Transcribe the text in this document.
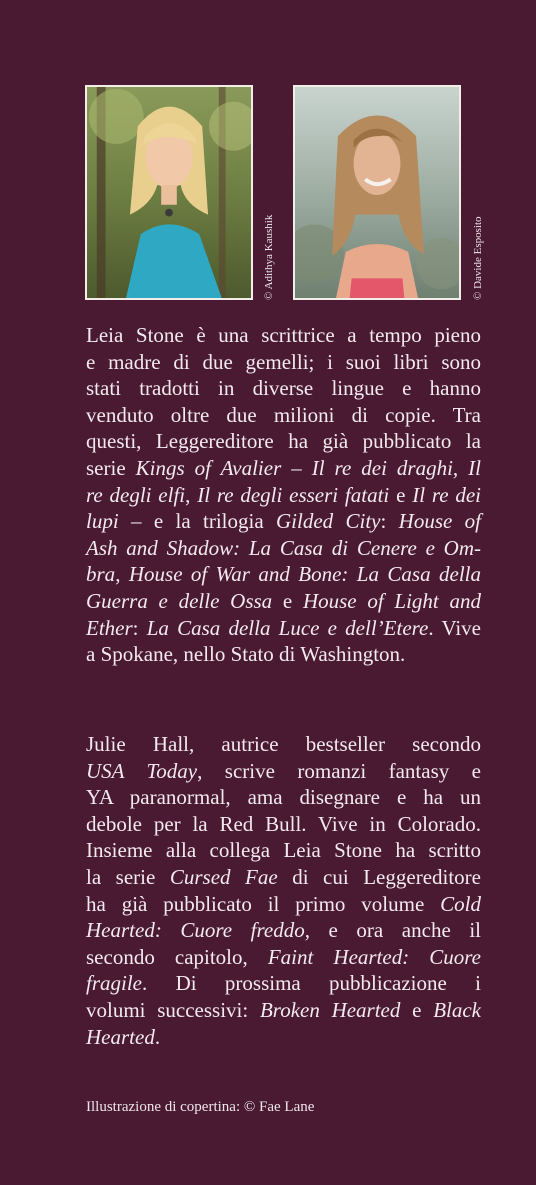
© Adithya Kaushik	© Davide Esposito

Leia Stone è una scrittrice a tempo pieno
e madre di due gemelli; i suoi libri sono
stati tradotti in diverse lingue e hanno
venduto oltre due milioni di copie. Tra
questi, Leggereditore ha già pubblicato la
serie Kings of Avalier – Il re dei draghi, Il
re degli elfi, Il re degli esseri fatati e Il re dei
lupi – e la trilogia Gilded City: House of
Ash and Shadow: La Casa di Cenere e Om-
bra, House of War and Bone: La Casa della
Guerra e delle Ossa e House of Light and
Ether: La Casa della Luce e dell’Etere. Vive
a Spokane, nello Stato di Washington.

Julie Hall, autrice bestseller secondo
USA Today, scrive romanzi fantasy e
YA paranormal, ama disegnare e ha un
debole per la Red Bull. Vive in Colorado.
Insieme alla collega Leia Stone ha scritto
la serie Cursed Fae di cui Leggereditore
ha già pubblicato il primo volume Cold
Hearted: Cuore freddo, e ora anche il
secondo capitolo, Faint Hearted: Cuore
fragile. Di prossima pubblicazione i
volumi successivi: Broken Hearted e Black
Hearted.

Illustrazione di copertina: © Fae Lane
